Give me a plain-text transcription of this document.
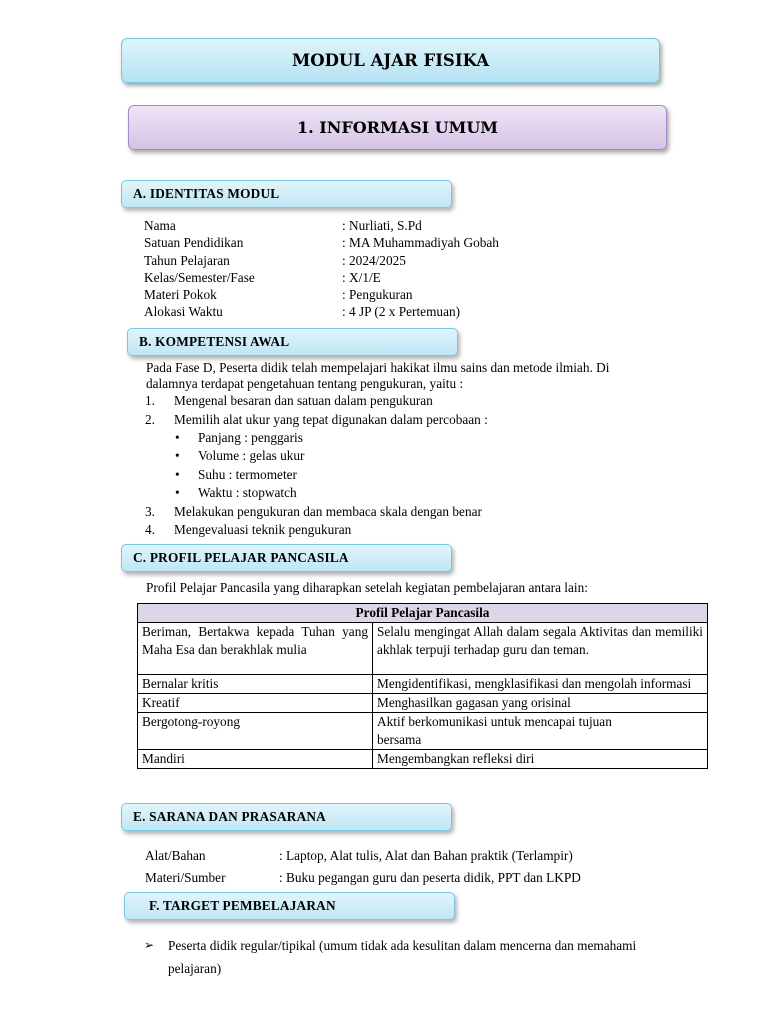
MODUL AJAR FISIKA
1. INFORMASI UMUM
A. IDENTITAS MODUL
Nama	: Nurliati, S.Pd
Satuan Pendidikan	: MA Muhammadiyah Gobah
Tahun Pelajaran	: 2024/2025
Kelas/Semester/Fase	: X/1/E
Materi Pokok	: Pengukuran
Alokasi Waktu	: 4 JP (2 x Pertemuan)
B. KOMPETENSI AWAL
Pada Fase D, Peserta didik telah mempelajari hakikat ilmu sains dan metode ilmiah. Di
dalamnya terdapat pengetahuan tentang pengukuran, yaitu :
1. Mengenal besaran dan satuan dalam pengukuran
2. Memilih alat ukur yang tepat digunakan dalam percobaan :
• Panjang : penggaris
• Volume : gelas ukur
• Suhu : termometer
• Waktu : stopwatch
3. Melakukan pengukuran dan membaca skala dengan benar
4. Mengevaluasi teknik pengukuran
C. PROFIL PELAJAR PANCASILA
Profil Pelajar Pancasila yang diharapkan setelah kegiatan pembelajaran antara lain:
Profil Pelajar Pancasila	
Beriman, Bertakwa kepada Tuhan yang Maha Esa dan berakhlak mulia	Selalu mengingat Allah dalam segala Aktivitas dan memiliki akhlak terpuji terhadap guru dan teman.
Bernalar kritis	Mengidentifikasi, mengklasifikasi dan mengolah informasi
Kreatif	Menghasilkan gagasan yang orisinal
Bergotong-royong	Aktif berkomunikasi untuk mencapai tujuan bersama
Mandiri	Mengembangkan refleksi diri
E. SARANA DAN PRASARANA
Alat/Bahan	: Laptop, Alat tulis, Alat dan Bahan praktik (Terlampir)
Materi/Sumber	: Buku pegangan guru dan peserta didik, PPT dan LKPD
F. TARGET PEMBELAJARAN
➢ Peserta didik regular/tipikal (umum tidak ada kesulitan dalam mencerna dan memahami
pelajaran)
